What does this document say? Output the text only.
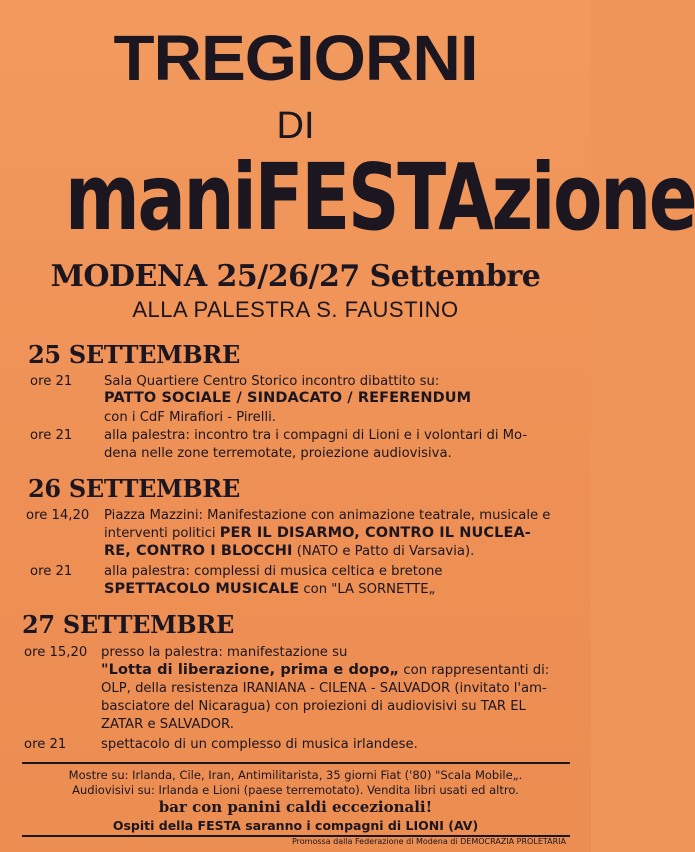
TREGIORNI
DI
maniFESTAzione
MODENA 25/26/27 Settembre
ALLA PALESTRA S. FAUSTINO
25 SETTEMBRE
ore 21 Sala Quartiere Centro Storico incontro dibattito su:
PATTO SOCIALE / SINDACATO / REFERENDUM
con i CdF Mirafiori - Pirelli.
ore 21 alla palestra: incontro tra i compagni di Lioni e i volontari di Mo-
dena nelle zone terremotate, proiezione audiovisiva.
26 SETTEMBRE
ore 14,20 Piazza Mazzini: Manifestazione con animazione teatrale, musicale e
interventi politici PER IL DISARMO, CONTRO IL NUCLEA-
RE, CONTRO I BLOCCHI (NATO e Patto di Varsavia).
ore 21 alla palestra: complessi di musica celtica e bretone
SPETTACOLO MUSICALE con "LA SORNETTE„
27 SETTEMBRE
ore 15,20 presso la palestra: manifestazione su
"Lotta di liberazione, prima e dopo„ con rappresentanti di:
OLP, della resistenza IRANIANA - CILENA - SALVADOR (invitato l'am-
basciatore del Nicaragua) con proiezioni di audiovisivi su TAR EL
ZATAR e SALVADOR.
ore 21	spettacolo di un complesso di musica irlandese.
Mostre su: Irlanda, Cile, Iran, Antimilitarista, 35 giorni Fiat ('80) "Scala Mobile„.
Audiovisivi su: Irlanda e Lioni (paese terremotato). Vendita libri usati ed altro.
bar con panini caldi eccezionali!
Ospiti della FESTA saranno i compagni di LIONI (AV)
Promossa dalla Federazione di Modena di DEMOCRAZIA PROLETARIA
